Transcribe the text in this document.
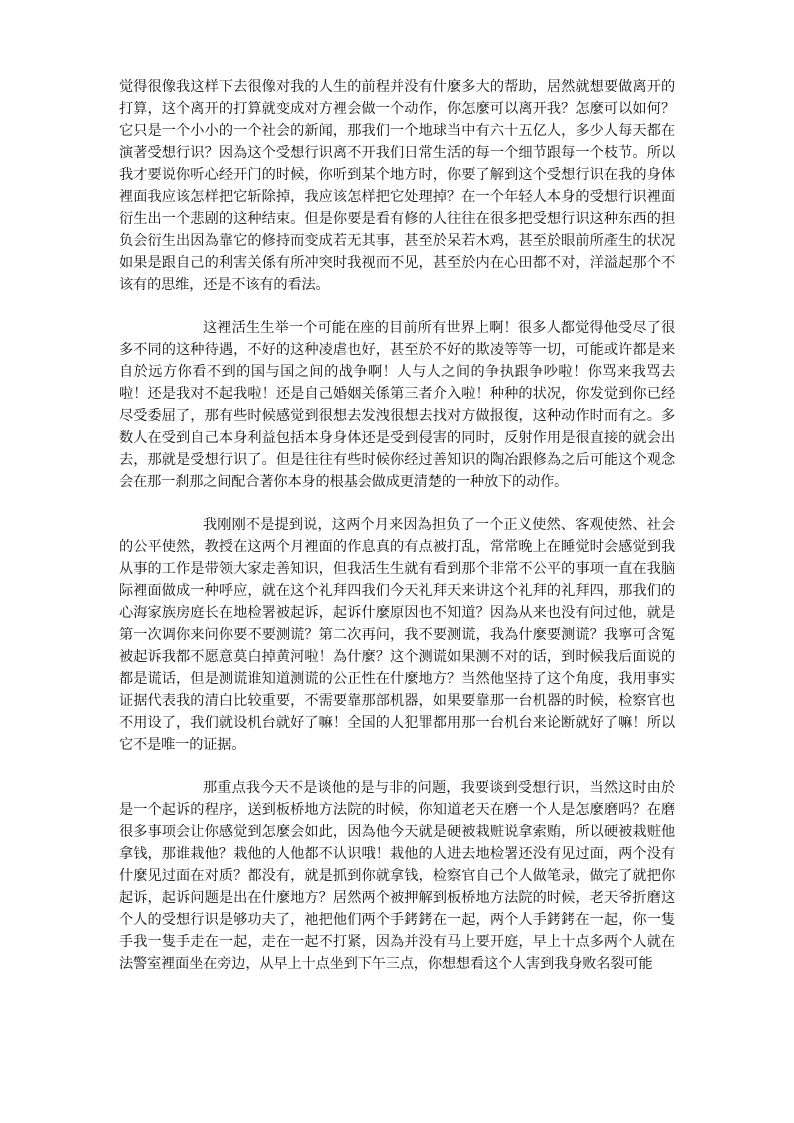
觉得很像我这样下去很像对我的人生的前程并没有什麼多大的帮助，居然就想要做离开的打算，这个离开的打算就变成对方裡会做一个动作，你怎麼可以离开我？怎麼可以如何？它只是一个小小的一个社会的新闻，那我们一个地球当中有六十五亿人，多少人每天都在演著受想行识？因為这个受想行识离不开我们日常生活的每一个细节跟每一个枝节。所以我才要说你听心经开门的时候，你听到某个地方时，你要了解到这个受想行识在我的身体裡面我应该怎样把它斩除掉，我应该怎样把它处理掉？在一个年轻人本身的受想行识裡面衍生出一个悲剧的这种结束。但是你要是看有修的人往往在很多把受想行识这种东西的担负会衍生出因為靠它的修持而变成若无其事，甚至於呆若木鸡，甚至於眼前所產生的状况如果是跟自己的利害关係有所冲突时我视而不见，甚至於内在心田都不对，洋溢起那个不该有的思维，还是不该有的看法。

这裡活生生举一个可能在座的目前所有世界上啊！很多人都觉得他受尽了很多不同的这种待遇，不好的这种凌虐也好，甚至於不好的欺凌等等一切，可能或许都是来自於远方你看不到的国与国之间的战争啊！人与人之间的争执跟争吵啦！你骂来我骂去啦！还是我对不起我啦！还是自己婚姻关係第三者介入啦！种种的状况，你发觉到你已经尽受委屈了，那有些时候感觉到很想去发洩很想去找对方做报復，这种动作时而有之。多数人在受到自己本身利益包括本身身体还是受到侵害的同时，反射作用是很直接的就会出去，那就是受想行识了。但是往往有些时候你经过善知识的陶冶跟修為之后可能这个观念会在那一刹那之间配合著你本身的根基会做成更清楚的一种放下的动作。

我刚刚不是提到说，这两个月来因為担负了一个正义使然、客观使然、社会的公平使然，教授在这两个月裡面的作息真的有点被打乱，常常晚上在睡觉时会感觉到我从事的工作是带领大家走善知识，但我活生生就有看到那个非常不公平的事项一直在我脑际裡面做成一种呼应，就在这个礼拜四我们今天礼拜天来讲这个礼拜的礼拜四，那我们的心海家族房庭长在地检署被起诉，起诉什麼原因也不知道？因為从来也没有问过他，就是第一次调你来问你要不要测谎？第二次再问，我不要测谎，我為什麼要测谎？我寧可含冤被起诉我都不愿意莫白掉黄河啦！為什麼？这个测谎如果测不对的话，到时候我后面说的都是谎话，但是测谎谁知道测谎的公正性在什麼地方？当然他坚持了这个角度，我用事实证据代表我的清白比较重要，不需要靠那部机器，如果要靠那一台机器的时候，检察官也不用设了，我们就设机台就好了嘛！全国的人犯罪都用那一台机台来论断就好了嘛！所以它不是唯一的证据。

那重点我今天不是谈他的是与非的问题，我要谈到受想行识，当然这时由於是一个起诉的程序，送到板桥地方法院的时候，你知道老天在磨一个人是怎麼磨吗？在磨很多事项会让你感觉到怎麼会如此，因為他今天就是硬被栽赃说拿索贿，所以硬被栽赃他拿钱，那谁栽他？栽他的人他都不认识哦！栽他的人进去地检署还没有见过面，两个没有什麼见过面在对质？都没有，就是抓到你就拿钱，检察官自己个人做笔录，做完了就把你起诉，起诉问题是出在什麼地方？居然两个被押解到板桥地方法院的时候，老天爷折磨这个人的受想行识是够功夫了，祂把他们两个手銬銬在一起，两个人手銬銬在一起，你一隻手我一隻手走在一起，走在一起不打紧，因為并没有马上要开庭，早上十点多两个人就在法警室裡面坐在旁边，从早上十点坐到下午三点，你想想看这个人害到我身败名裂可能
